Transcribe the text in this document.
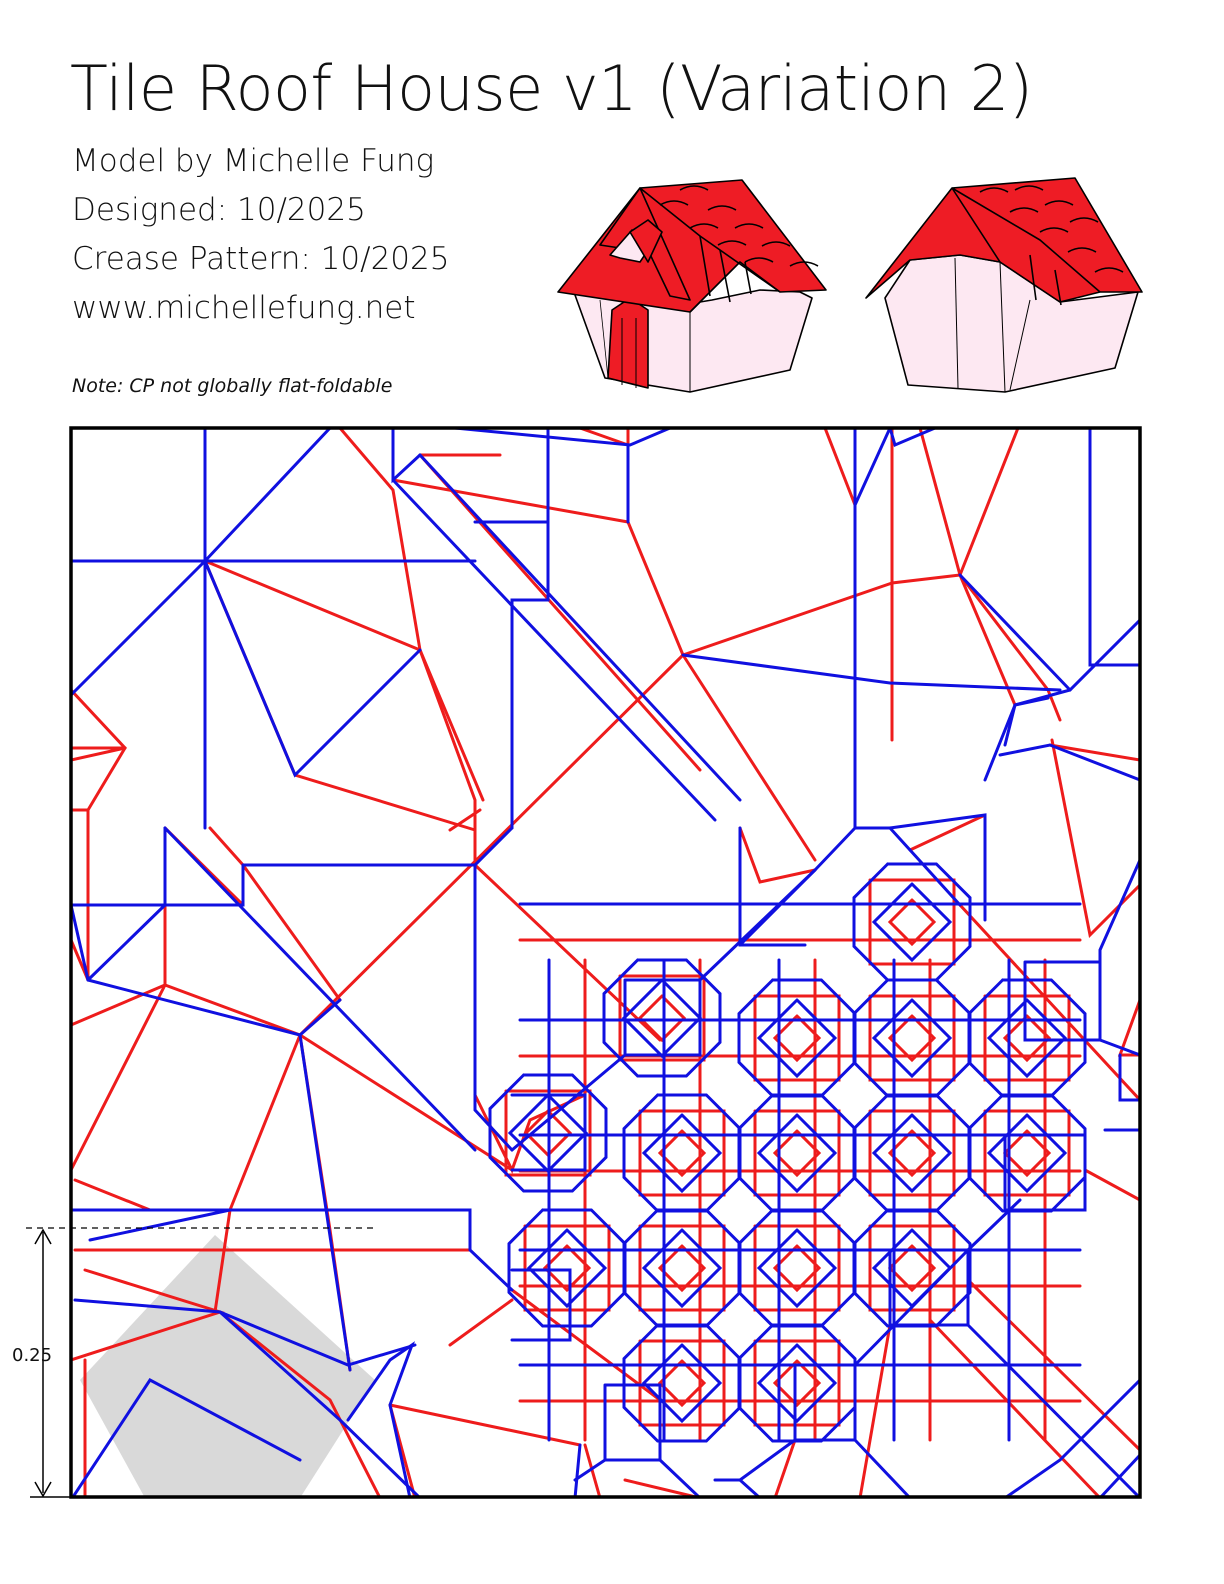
Tile Roof House v1 (Variation 2)
Model by Michelle Fung
Designed: 10/2025
Crease Pattern: 10/2025
www.michellefung.net
Note: CP not globally flat-foldable
0.25
